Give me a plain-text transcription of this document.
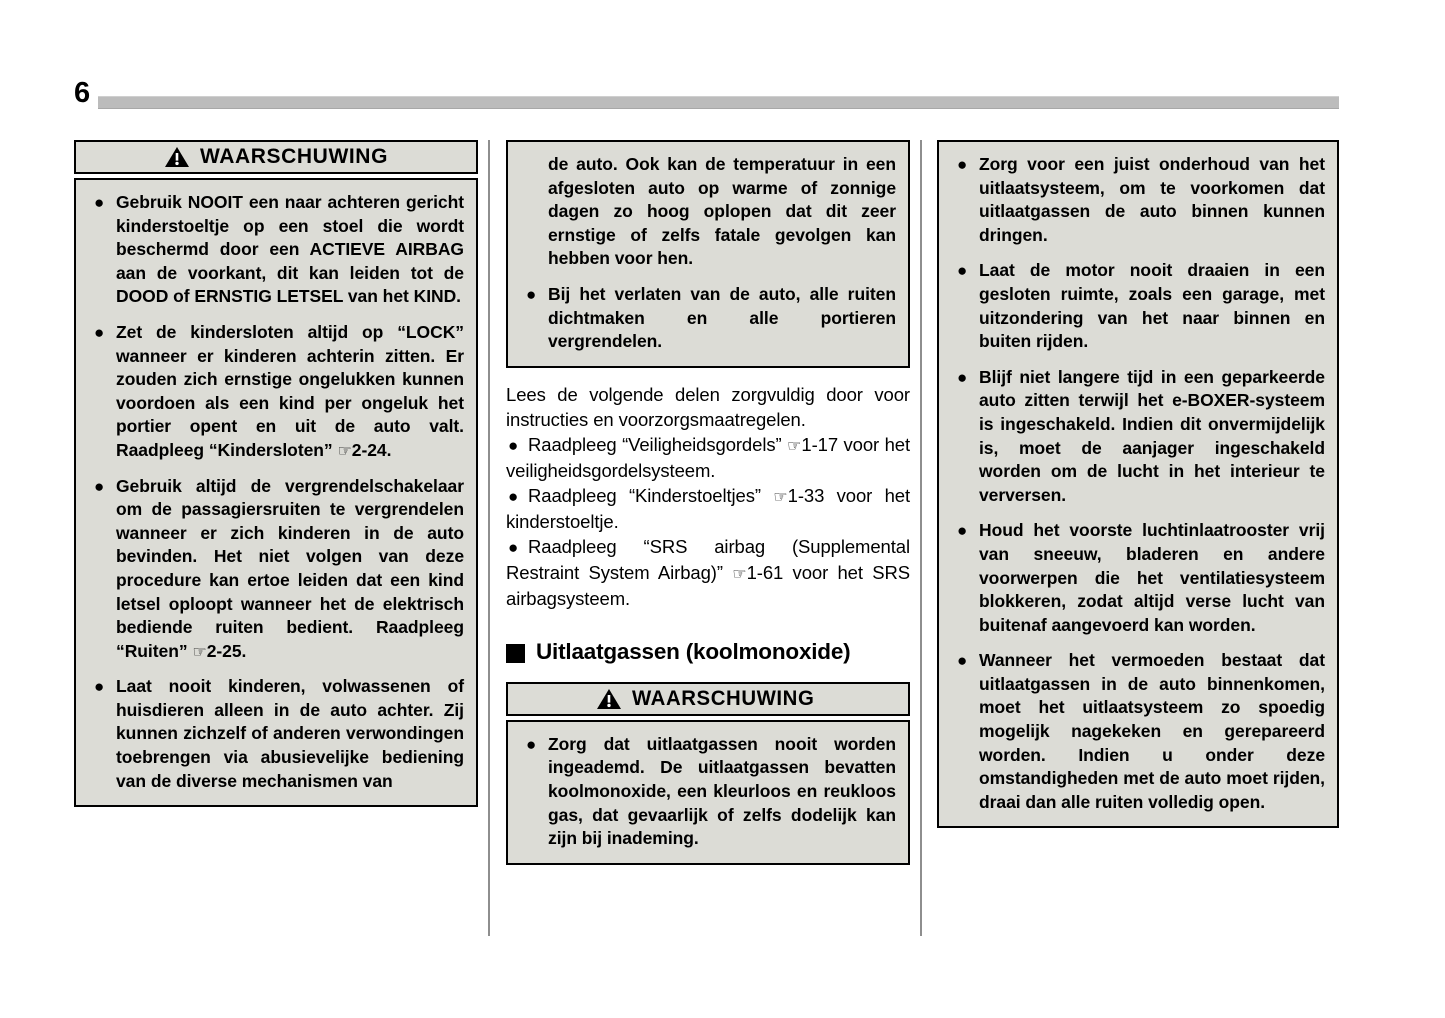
6
WAARSCHUWING
● Gebruik NOOIT een naar achteren gericht kinderstoeltje op een stoel die wordt beschermd door een ACTIEVE AIRBAG aan de voorkant, dit kan leiden tot de DOOD of ERNSTIG LETSEL van het KIND.
● Zet de kindersloten altijd op “LOCK” wanneer er kinderen achterin zitten. Er zouden zich ernstige ongelukken kunnen voordoen als een kind per ongeluk het portier opent en uit de auto valt. Raadpleeg “Kindersloten” ☞2-24.
● Gebruik altijd de vergrendelschakelaar om de passagiersruiten te vergrendelen wanneer er zich kinderen in de auto bevinden. Het niet volgen van deze procedure kan ertoe leiden dat een kind letsel oploopt wanneer het de elektrisch bediende ruiten bedient. Raadpleeg “Ruiten” ☞2-25.
● Laat nooit kinderen, volwassenen of huisdieren alleen in de auto achter. Zij kunnen zichzelf of anderen verwondingen toebrengen via abusievelijke bediening van de diverse mechanismen van
de auto. Ook kan de temperatuur in een afgesloten auto op warme of zonnige dagen zo hoog oplopen dat dit zeer ernstige of zelfs fatale gevolgen kan hebben voor hen.
● Bij het verlaten van de auto, alle ruiten dichtmaken en alle portieren vergrendelen.

Lees de volgende delen zorgvuldig door voor instructies en voorzorgsmaatregelen.

● Raadpleeg “Veiligheidsgordels” ☞1-17 voor het veiligheidsgordelsysteem.
● Raadpleeg “Kinderstoeltjes” ☞1-33 voor het kinderstoeltje.
● Raadpleeg “SRS airbag (Supplemental Restraint System Airbag)” ☞1-61 voor het SRS airbagsysteem.
Uitlaatgassen (koolmonoxide)
WAARSCHUWING
● Zorg dat uitlaatgassen nooit worden ingeademd. De uitlaatgassen bevatten koolmonoxide, een kleurloos en reukloos gas, dat gevaarlijk of zelfs dodelijk kan zijn bij inademing.
● Zorg voor een juist onderhoud van het uitlaatsysteem, om te voorkomen dat uitlaatgassen de auto binnen kunnen dringen.
● Laat de motor nooit draaien in een gesloten ruimte, zoals een garage, met uitzondering van het naar binnen en buiten rijden.
● Blijf niet langere tijd in een geparkeerde auto zitten terwijl het e-BOXER-systeem is ingeschakeld. Indien dit onvermijdelijk is, moet de aanjager ingeschakeld worden om de lucht in het interieur te verversen.
● Houd het voorste luchtinlaatrooster vrij van sneeuw, bladeren en andere voorwerpen die het ventilatiesysteem blokkeren, zodat altijd verse lucht van buitenaf aangevoerd kan worden.
● Wanneer het vermoeden bestaat dat uitlaatgassen in de auto binnenkomen, moet het uitlaatsysteem zo spoedig mogelijk nagekeken en gerepareerd worden. Indien u onder deze omstandigheden met de auto moet rijden, draai dan alle ruiten volledig open.
